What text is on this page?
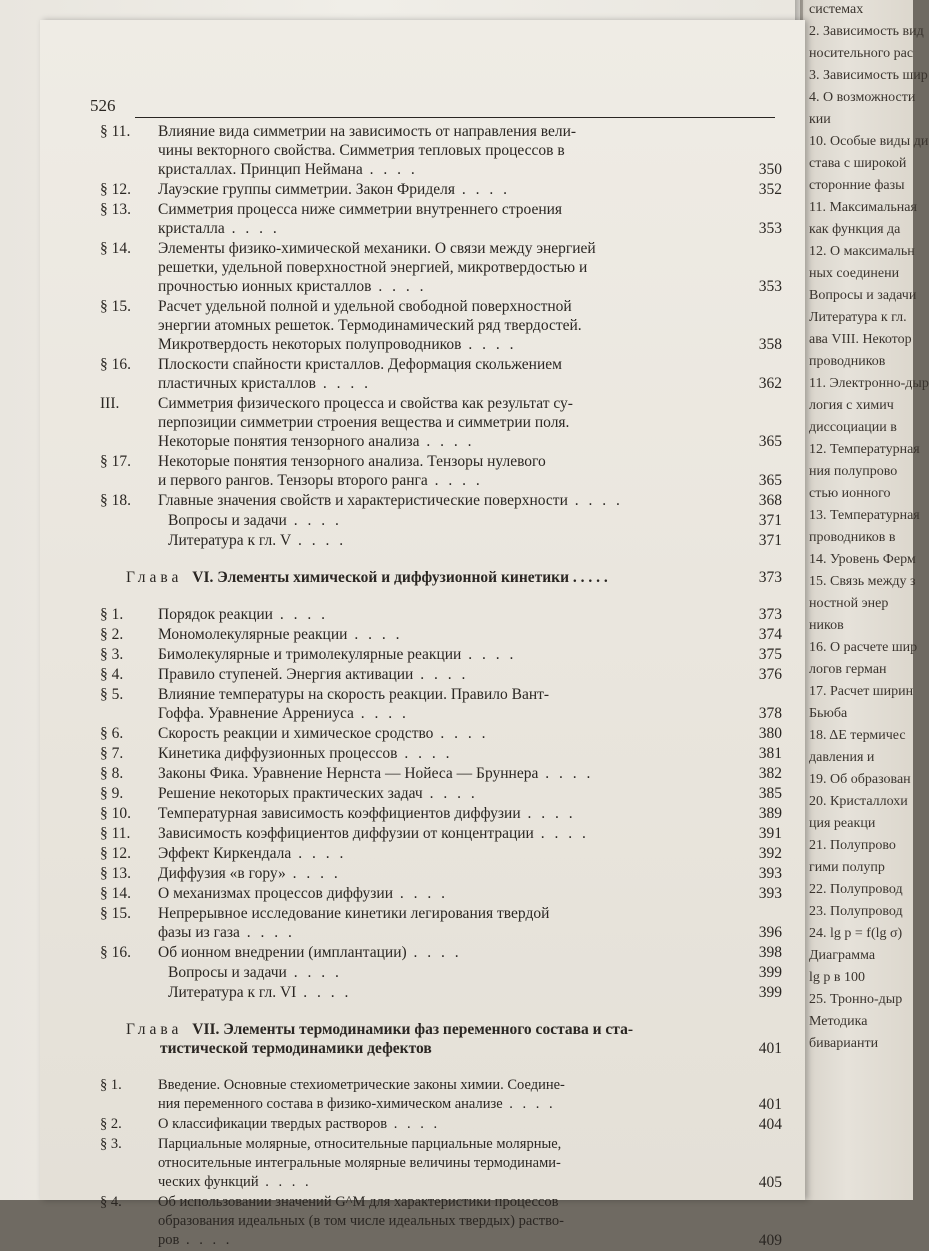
системах
2. Зависимость вид
носительного рас
3. Зависимость шир
4. О возможности
кии
10. Особые виды ди
става с широкой
сторонние фазы
11. Максимальная
как функция да
12. О максимальн
ных соединени
Вопросы и задачи
Литература к гл.
ава VIII. Некотор
проводников
11. Электронно-дыр
логия с химич
диссоциации в
12. Температурная
ния полупрово
стью ионного
13. Температурная
проводников в
14. Уровень Ферм
15. Связь между з
ностной энер
ников
16. О расчете шир
логов герман
17. Расчет ширин
Бьюба
18. ΔE термичес
давления и
19. Об образован
20. Кристаллохи
ция реакци
21. Полупрово
гими полупр
22. Полупровод
23. Полупровод
24. lg p = f(lg σ)
Диаграмма
lg p в 100
25. Тронно-дыр
Методика
биварианти
526
§ 11. Влияние вида симметрии на зависимость от направления вели-
чины векторного свойства. Симметрия тепловых процессов в
кристаллах. Принцип Неймана . . . .	350
§ 12. Лауэские группы симметрии. Закон Фриделя . . . .	352
§ 13. Симметрия процесса ниже симметрии внутреннего строения
кристалла . . . .	353
§ 14. Элементы физико-химической механики. О связи между энергией
решетки, удельной поверхностной энергией, микротвердостью и
прочностью ионных кристаллов . . . .	353
§ 15. Расчет удельной полной и удельной свободной поверхностной
энергии атомных решеток. Термодинамический ряд твердостей.
Микротвердость некоторых полупроводников . . . .	358
§ 16. Плоскости спайности кристаллов. Деформация скольжением
пластичных кристаллов . . . .	362
III. Симметрия физического процесса и свойства как результат су-
перпозиции симметрии строения вещества и симметрии поля.
Некоторые понятия тензорного анализа . . . .	365
§ 17. Некоторые понятия тензорного анализа. Тензоры нулевого
и первого рангов. Тензоры второго ранга . . . .	365
§ 18. Главные значения свойств и характеристические поверхности . . . .	368
Вопросы и задачи . . . .	371
Литература к гл. V . . . .	371
Глава VI. Элементы химической и диффузионной кинетики . . . . .	373
§ 1. Порядок реакции . . . .	373
§ 2. Мономолекулярные реакции . . . .	374
§ 3. Бимолекулярные и тримолекулярные реакции . . . .	375
§ 4. Правило ступеней. Энергия активации . . . .	376
§ 5. Влияние температуры на скорость реакции. Правило Вант-
Гоффа. Уравнение Аррениуса . . . .	378
§ 6. Скорость реакции и химическое сродство . . . .	380
§ 7. Кинетика диффузионных процессов . . . .	381
§ 8. Законы Фика. Уравнение Нернста — Нойеса — Бруннера . . . .	382
§ 9. Решение некоторых практических задач . . . .	385
§ 10. Температурная зависимость коэффициентов диффузии . . . .	389
§ 11. Зависимость коэффициентов диффузии от концентрации . . . .	391
§ 12. Эффект Киркендала . . . .	392
§ 13. Диффузия «в гору» . . . .	393
§ 14. О механизмах процессов диффузии . . . .	393
§ 15. Непрерывное исследование кинетики легирования твердой
фазы из газа . . . .	396
§ 16. Об ионном внедрении (имплантации) . . . .	398
Вопросы и задачи . . . .	399
Литература к гл. VI . . . .	399
Глава VII. Элементы термодинамики фаз переменного состава и ста-
тистической термодинамики дефектов	401
§ 1.	Введение. Основные стехиометрические законы химии. Соедине-
ния переменного состава в физико-химическом анализе . . . .	401
§ 2.	О классификации твердых растворов . . . .	404
§ 3.	Парциальные молярные, относительные парциальные молярные,
относительные интегральные молярные величины термодинами-
ческих функций . . . .	405
§ 4.	Об использовании значений G^M для характеристики процессов
образования идеальных (в том числе идеальных твердых) раство-
ров . . . .	409
